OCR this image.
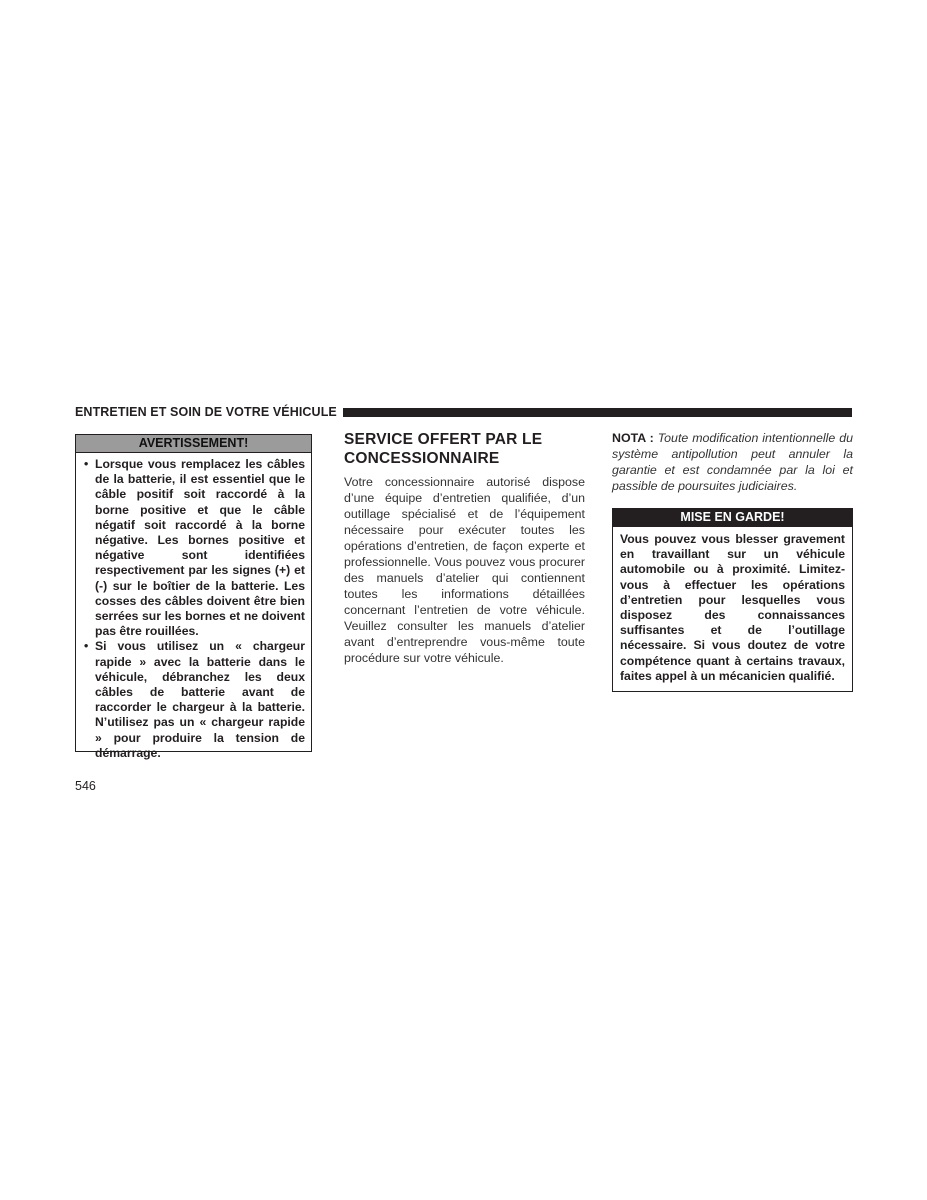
ENTRETIEN ET SOIN DE VOTRE VÉHICULE
AVERTISSEMENT!
• Lorsque vous remplacez les câbles de la batterie, il est essentiel que le câble positif soit raccordé à la borne positive et que le câble négatif soit raccordé à la borne négative. Les bornes positive et négative sont identifiées respectivement par les signes (+) et (-) sur le boîtier de la batterie. Les cosses des câbles doivent être bien serrées sur les bornes et ne doivent pas être rouillées.
• Si vous utilisez un « chargeur rapide » avec la batterie dans le véhicule, débranchez les deux câbles de batterie avant de raccorder le chargeur à la batterie. N’utilisez pas un « chargeur rapide » pour produire la tension de démarrage.
SERVICE OFFERT PAR LE CONCESSIONNAIRE

Votre concessionnaire autorisé dispose d’une équipe d’entretien qualifiée, d’un outillage spécialisé et de l’équipement nécessaire pour exécuter toutes les opérations d’entretien, de façon experte et professionnelle. Vous pouvez vous procurer des manuels d’atelier qui contiennent toutes les informations détaillées concernant l’entretien de votre véhicule. Veuillez consulter les manuels d’atelier avant d’entreprendre vous-même toute procédure sur votre véhicule.

NOTA : Toute modification intentionnelle du système antipollution peut annuler la garantie et est condamnée par la loi et passible de poursuites judiciaires.

MISE EN GARDE!

Vous pouvez vous blesser gravement en travaillant sur un véhicule automobile ou à proximité. Limitez-vous à effectuer les opérations d’entretien pour lesquelles vous disposez des connaissances suffisantes et de l’outillage nécessaire. Si vous doutez de votre compétence quant à certains travaux, faites appel à un mécanicien qualifié.

546
